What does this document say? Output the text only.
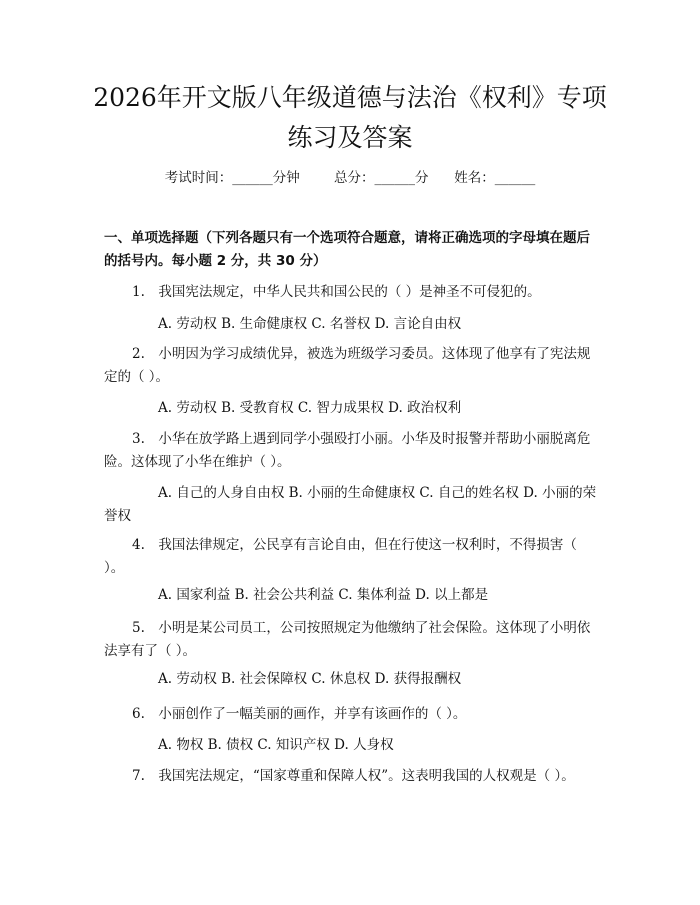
2026年开文版八年级道德与法治《权利》专项练习及答案
考试时间：______分钟	总分：______分 姓名：______

一、单项选择题（下列各题只有一个选项符合题意，请将正确选项的字母填在题后的括号内。每小题 2 分，共 30 分）

1.　我国宪法规定，中华人民共和国公民的（ ）是神圣不可侵犯的。

A. 劳动权 B. 生命健康权 C. 名誉权 D. 言论自由权

2.　小明因为学习成绩优异，被选为班级学习委员。这体现了他享有了宪法规定的（ ）。

A. 劳动权 B. 受教育权 C. 智力成果权 D. 政治权利

3.　小华在放学路上遇到同学小强殴打小丽。小华及时报警并帮助小丽脱离危险。这体现了小华在维护（ ）。

A. 自己的人身自由权 B. 小丽的生命健康权 C. 自己的姓名权 D. 小丽的荣誉权

4.　我国法律规定，公民享有言论自由，但在行使这一权利时，不得损害（ ）。

A. 国家利益 B. 社会公共利益 C. 集体利益 D. 以上都是

5.　小明是某公司员工，公司按照规定为他缴纳了社会保险。这体现了小明依法享有了（ ）。

A. 劳动权 B. 社会保障权 C. 休息权 D. 获得报酬权

6.　小丽创作了一幅美丽的画作，并享有该画作的（ ）。

A. 物权 B. 债权 C. 知识产权 D. 人身权

7.　我国宪法规定，“国家尊重和保障人权”。这表明我国的人权观是（ ）。
